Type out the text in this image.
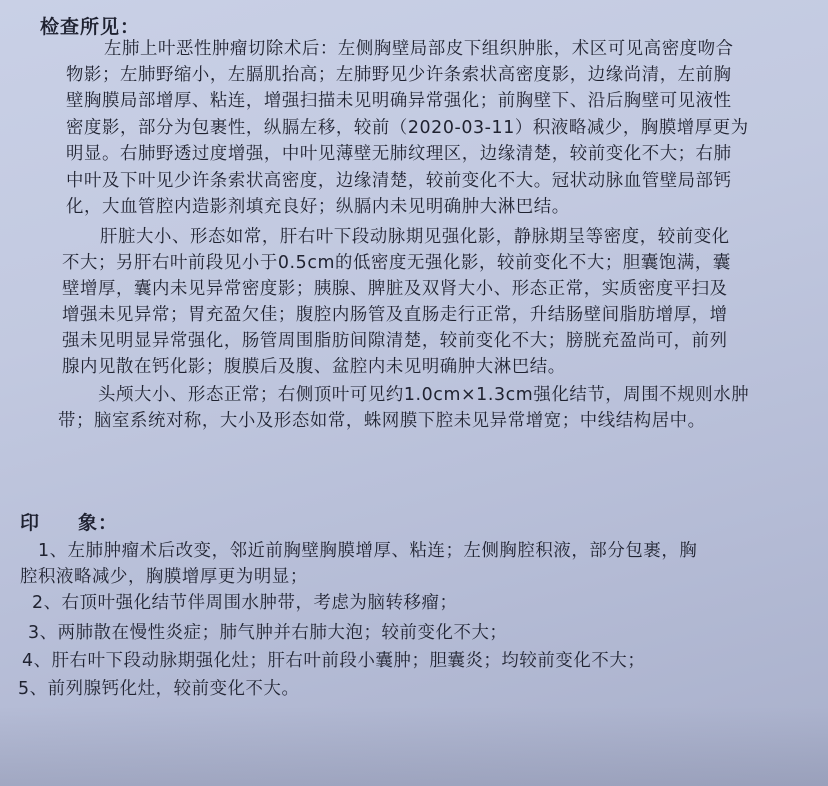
检查所见：
左肺上叶恶性肿瘤切除术后：左侧胸壁局部皮下组织肿胀，术区可见高密度吻合
物影；左肺野缩小，左膈肌抬高；左肺野见少许条索状高密度影，边缘尚清，左前胸
壁胸膜局部增厚、粘连，增强扫描未见明确异常强化；前胸壁下、沿后胸壁可见液性
密度影，部分为包裹性，纵膈左移，较前（2020-03-11）积液略减少，胸膜增厚更为
明显。右肺野透过度增强，中叶见薄壁无肺纹理区，边缘清楚，较前变化不大；右肺
中叶及下叶见少许条索状高密度，边缘清楚，较前变化不大。冠状动脉血管壁局部钙
化，大血管腔内造影剂填充良好；纵膈内未见明确肿大淋巴结。
肝脏大小、形态如常，肝右叶下段动脉期见强化影，静脉期呈等密度，较前变化
不大；另肝右叶前段见小于0.5cm的低密度无强化影，较前变化不大；胆囊饱满，囊
壁增厚，囊内未见异常密度影；胰腺、脾脏及双肾大小、形态正常，实质密度平扫及
增强未见异常；胃充盈欠佳；腹腔内肠管及直肠走行正常，升结肠壁间脂肪增厚，增
强未见明显异常强化，肠管周围脂肪间隙清楚，较前变化不大；膀胱充盈尚可，前列
腺内见散在钙化影；腹膜后及腹、盆腔内未见明确肿大淋巴结。
头颅大小、形态正常；右侧顶叶可见约1.0cm×1.3cm强化结节，周围不规则水肿
带；脑室系统对称，大小及形态如常，蛛网膜下腔未见异常增宽；中线结构居中。
印 象：
1、左肺肿瘤术后改变，邻近前胸壁胸膜增厚、粘连；左侧胸腔积液，部分包裹，胸
腔积液略减少，胸膜增厚更为明显；
2、右顶叶强化结节伴周围水肿带，考虑为脑转移瘤；
3、两肺散在慢性炎症；肺气肿并右肺大泡；较前变化不大；
4、肝右叶下段动脉期强化灶；肝右叶前段小囊肿；胆囊炎；均较前变化不大；
5、前列腺钙化灶，较前变化不大。
